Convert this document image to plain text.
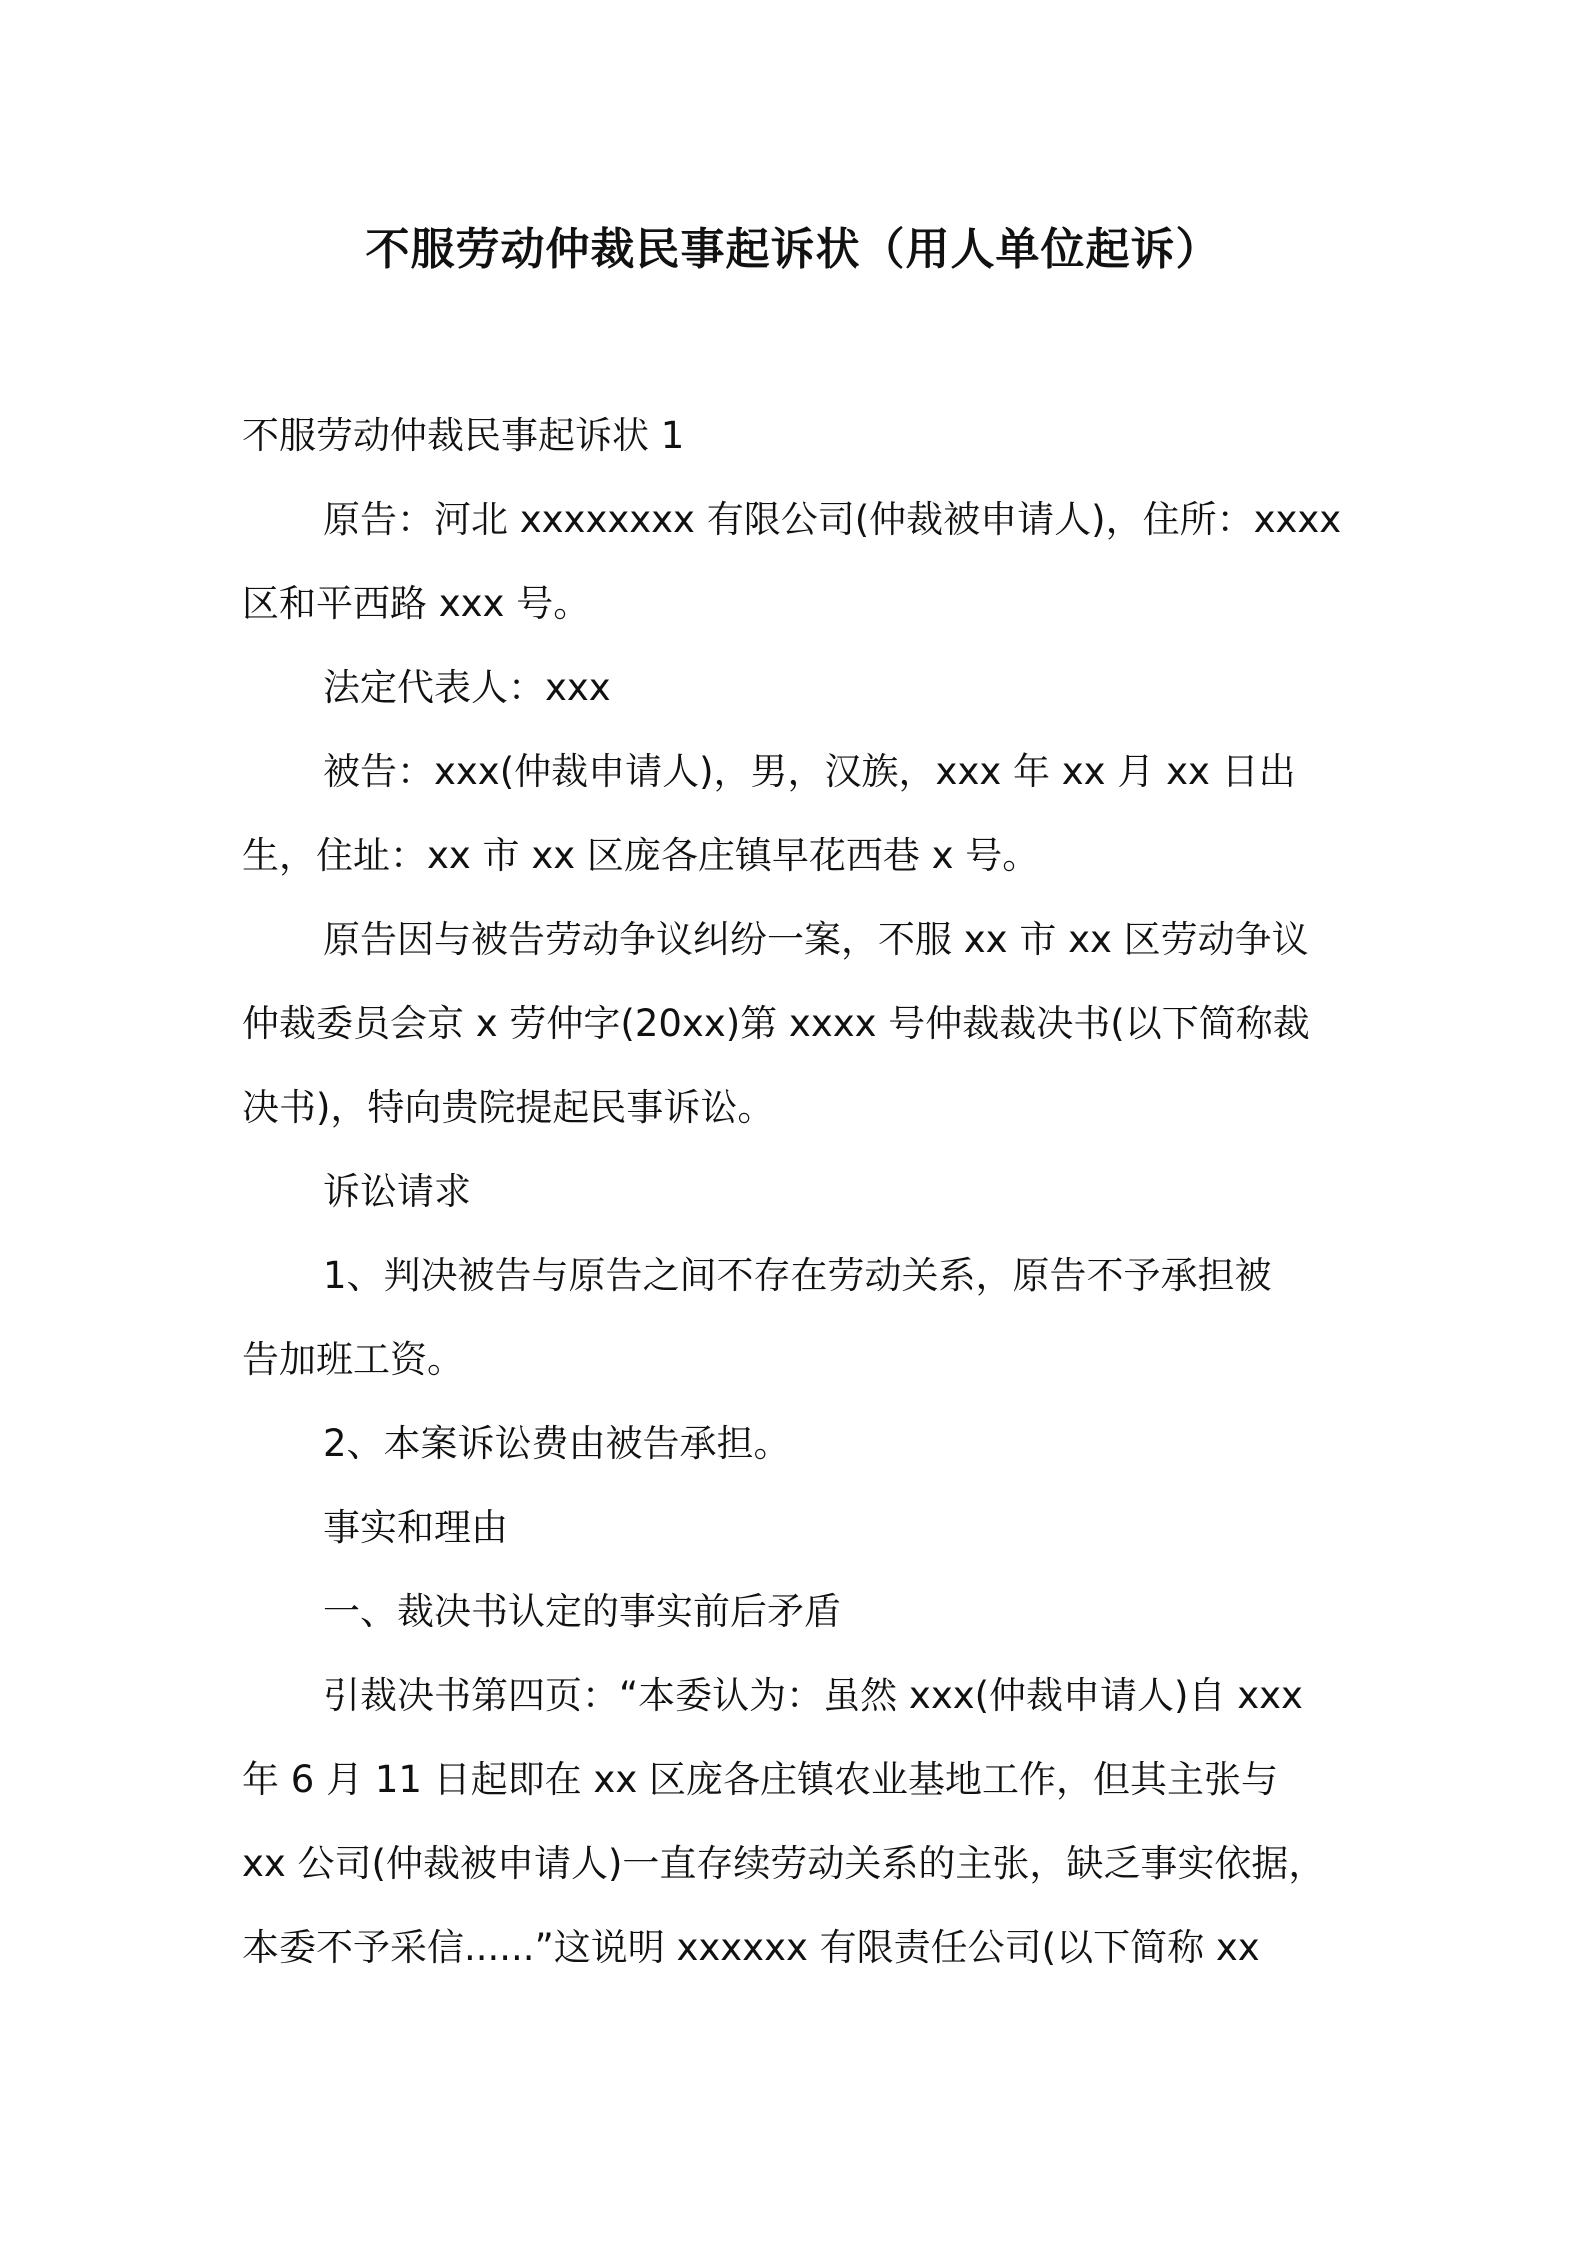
不服劳动仲裁民事起诉状（用人单位起诉）
不服劳动仲裁民事起诉状 1
原告：河北 xxxxxxxx 有限公司(仲裁被申请人)，住所：xxxx
区和平西路 xxx 号。
法定代表人：xxx
被告：xxx(仲裁申请人)，男，汉族，xxx 年 xx 月 xx 日出
生，住址：xx 市 xx 区庞各庄镇早花西巷 x 号。
原告因与被告劳动争议纠纷一案，不服 xx 市 xx 区劳动争议
仲裁委员会京 x 劳仲字(20xx)第 xxxx 号仲裁裁决书(以下简称裁
决书)，特向贵院提起民事诉讼。
诉讼请求
1、判决被告与原告之间不存在劳动关系，原告不予承担被
告加班工资。
2、本案诉讼费由被告承担。
事实和理由
一、裁决书认定的事实前后矛盾
引裁决书第四页：“本委认为：虽然 xxx(仲裁申请人)自 xxx
年 6 月 11 日起即在 xx 区庞各庄镇农业基地工作，但其主张与
xx 公司(仲裁被申请人)一直存续劳动关系的主张，缺乏事实依据，
本委不予采信......”这说明 xxxxxx 有限责任公司(以下简称 xx
